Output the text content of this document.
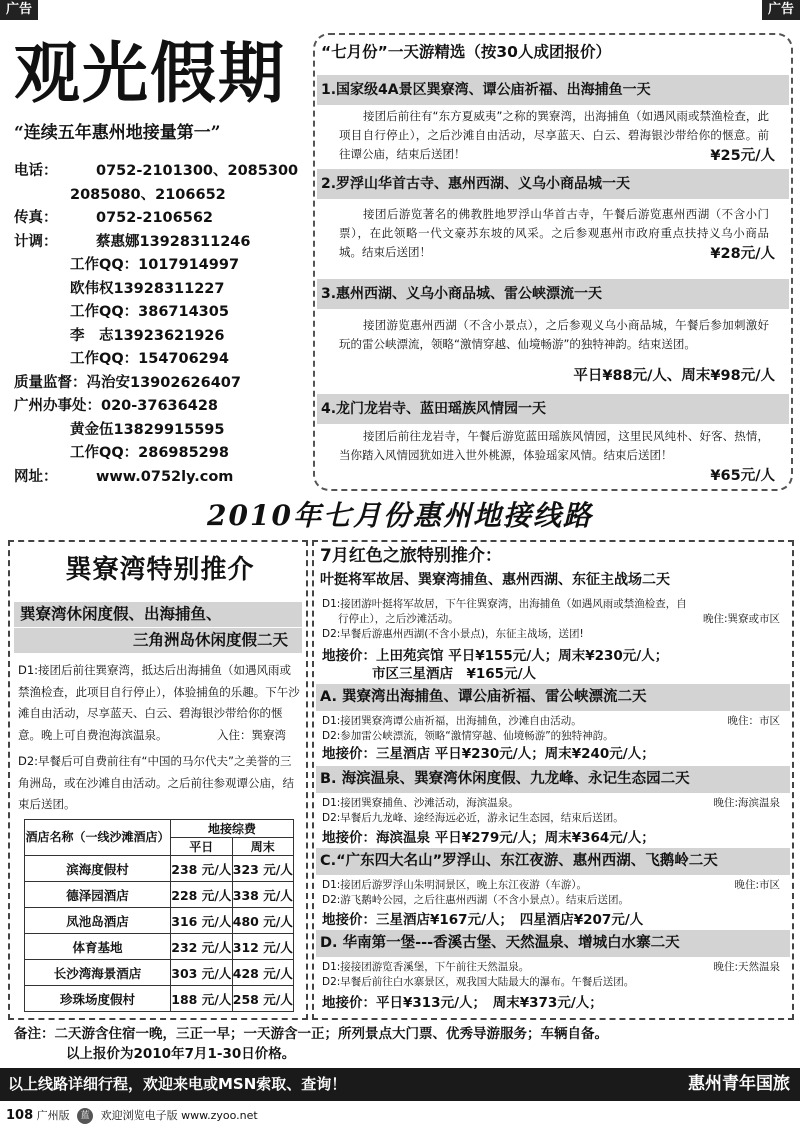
广告	广告
观光假期
“连续五年惠州地接量第一”
电话：	0752-2101300、2085300
2085080、2106652
传真：	0752-2106562
计调：	蔡惠娜13928311246
工作QQ：1017914997
欧伟权13928311227
工作QQ：386714305
李　志13923621926
工作QQ：154706294
质量监督：冯治安13902626407
广州办事处：020-37636428
黄金伍13829915595
工作QQ：286985298
网址：	www.0752ly.com
“七月份”一天游精选（按30人成团报价）
1.国家级4A景区巽寮湾、谭公庙祈福、出海捕鱼一天
接团后前往有“东方夏威夷”之称的巽寮湾，出海捕鱼（如遇风雨或禁渔检查，此项目自行停止），之后沙滩自由活动，尽享蓝天、白云、碧海银沙带给你的惬意。前往谭公庙，结束后送团！	¥25元/人
2.罗浮山华首古寺、惠州西湖、义乌小商品城一天
接团后游览著名的佛教胜地罗浮山华首古寺，午餐后游览惠州西湖（不含小门票），在此领略一代文豪苏东坡的风采。之后参观惠州市政府重点扶持义乌小商品城。结束后送团！	¥28元/人
3.惠州西湖、义乌小商品城、雷公峡漂流一天
接团游览惠州西湖（不含小景点），之后参观义乌小商品城，午餐后参加刺激好玩的雷公峡漂流，领略“激情穿越、仙境畅游”的独特神韵。结束送团。
平日¥88元/人、周末¥98元/人
4.龙门龙岩寺、蓝田瑶族风情园一天
接团后前往龙岩寺，午餐后游览蓝田瑶族风情园，这里民风纯朴、好客、热情，当你踏入风情园犹如进入世外桃源，体验瑶家风情。结束后送团！
¥65元/人
2010年七月份惠州地接线路
巽寮湾特别推介
巽寮湾休闲度假、出海捕鱼、
三角洲岛休闲度假二天
D1:接团后前往巽寮湾，抵达后出海捕鱼（如遇风雨或禁渔检查，此项目自行停止），体验捕鱼的乐趣。下午沙滩自由活动，尽享蓝天、白云、碧海银沙带给你的惬意。晚上可自费泡海滨温泉。	入住：巽寮湾
D2:早餐后可自费前往有“中国的马尔代夫”之美誉的三角洲岛，或在沙滩自由活动。之后前往参观谭公庙，结束后送团。
酒店名称（一线沙滩酒店）	地接综费	
	平日	周末
滨海度假村	238 元/人	323 元/人
德泽园酒店	228 元/人	338 元/人
凤池岛酒店	316 元/人	480 元/人
体育基地	232 元/人	312 元/人
长沙湾海景酒店	303 元/人	428 元/人
珍珠场度假村	188 元/人	258 元/人
7月红色之旅特别推介：
叶挺将军故居、巽寮湾捕鱼、惠州西湖、东征主战场二天
D1:接团游叶挺将军故居，下午往巽寮湾，出海捕鱼（如遇风雨或禁渔检查，自
行停止），之后沙滩活动。	晚住:巽寮或市区
D2:早餐后游惠州西湖(不含小景点)，东征主战场，送团!
地接价：上田苑宾馆 平日¥155元/人；周末¥230元/人；
市区三星酒店　¥165元/人
A. 巽寮湾出海捕鱼、谭公庙祈福、雷公峡漂流二天
D1:接团巽寮湾谭公庙祈福，出海捕鱼，沙滩自由活动。	晚住：市区
D2:参加雷公峡漂流，领略“激情穿越、仙境畅游”的独特神韵。
地接价：三星酒店 平日¥230元/人；周末¥240元/人；
B. 海滨温泉、巽寮湾休闲度假、九龙峰、永记生态园二天
D1:接团巽寮捕鱼、沙滩活动，海滨温泉。	晚住:海滨温泉
D2:早餐后九龙峰、途经海远必近，游永记生态园，结束后送团。
地接价：海滨温泉 平日¥279元/人；周末¥364元/人；
C.“广东四大名山”罗浮山、东江夜游、惠州西湖、飞鹅岭二天
D1:接团后游罗浮山朱明洞景区，晚上东江夜游（车游）。	晚住:市区
D2:游飞鹅岭公园，之后往惠州西湖（不含小景点）。结束后送团。
地接价：三星酒店¥167元/人；　四星酒店¥207元/人
D. 华南第一堡---香溪古堡、天然温泉、增城白水寨二天
D1:接接团游览香溪堡，下午前往天然温泉。	晚住:天然温泉
D2:早餐后前往白水寨景区，观我国大陆最大的瀑布。午餐后送团。
地接价：平日¥313元/人；　周末¥373元/人；
备注：二天游含住宿一晚，三正一早；一天游含一正；所列景点大门票、优秀导游服务；车辆自备。
以上报价为2010年7月1-30日价格。
以上线路详细行程，欢迎来电或MSN索取、查询！	惠州青年国旅
108 广州版 蓝 欢迎浏览电子版 www.zyoo.net
